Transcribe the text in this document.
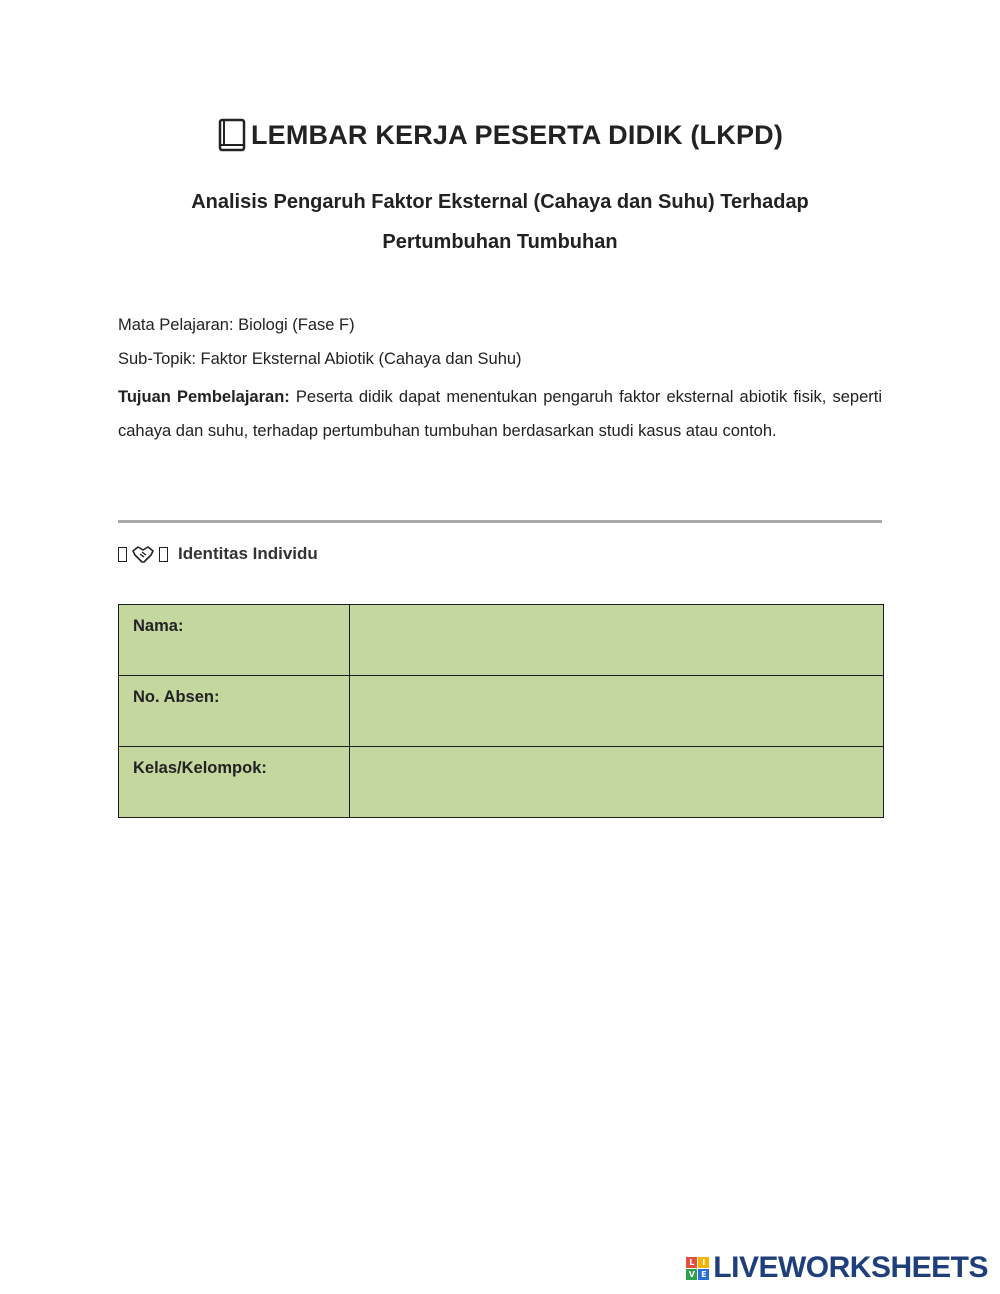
LEMBAR KERJA PESERTA DIDIK (LKPD)
Analisis Pengaruh Faktor Eksternal (Cahaya dan Suhu) Terhadap
Pertumbuhan Tumbuhan
Mata Pelajaran: Biologi (Fase F)
Sub-Topik: Faktor Eksternal Abiotik (Cahaya dan Suhu)
Tujuan Pembelajaran: Peserta didik dapat menentukan pengaruh faktor eksternal abiotik fisik, seperti cahaya dan suhu, terhadap pertumbuhan tumbuhan berdasarkan studi kasus atau contoh.
Identitas Individu
Nama:	
No. Absen:	
Kelas/Kelompok:	
L I
V E LIVEWORKSHEETS
